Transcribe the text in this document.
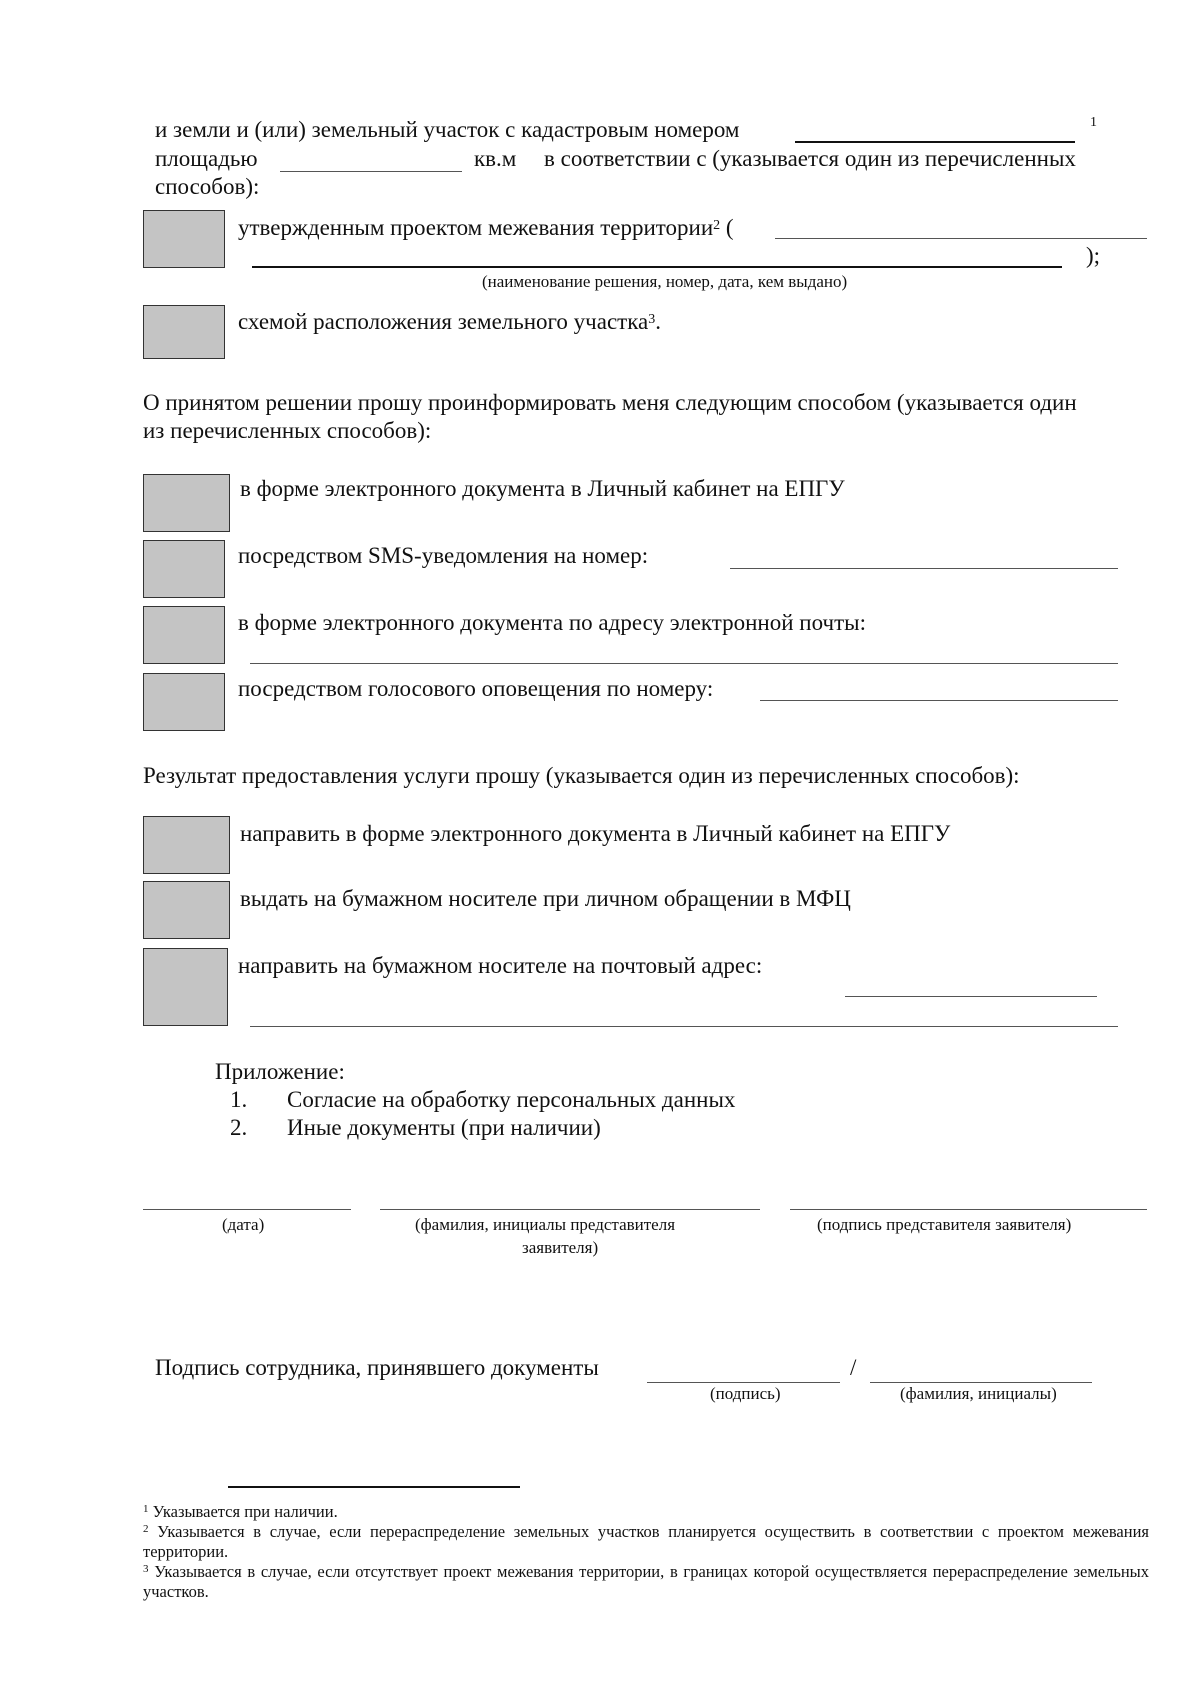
и земли и (или) земельный участок с кадастровым номером	1
площадью	кв.м в соответствии с (указывается один из перечисленных
способов):
утвержденным проектом межевания территории$^2$ (
);
(наименование решения, номер, дата, кем выдано)
схемой расположения земельного участка$^3$.
О принятом решении прошу проинформировать меня следующим способом (указывается один
из перечисленных способов):
в форме электронного документа в Личный кабинет на ЕПГУ
посредством SMS-уведомления на номер:
в форме электронного документа по адресу электронной почты:
посредством голосового оповещения по номеру:
Результат предоставления услуги прошу (указывается один из перечисленных способов):
направить в форме электронного документа в Личный кабинет на ЕПГУ
выдать на бумажном носителе при личном обращении в МФЦ
направить на бумажном носителе на почтовый адрес:
Приложение:
1. Согласие на обработку персональных данных
2. Иные документы (при наличии)
(дата)	(фамилия, инициалы представителя
заявителя)
(подпись представителя заявителя)
Подпись сотрудника, принявшего документы	/
(подпись)	(фамилия, инициалы)
$^1$ Указывается при наличии.
$^2$ Указывается в случае, если перераспределение земельных участков планируется осуществить в соответствии с проектом межевания территории.
$^3$ Указывается в случае, если отсутствует проект межевания территории, в границах которой осуществляется перераспределение земельных участков.
